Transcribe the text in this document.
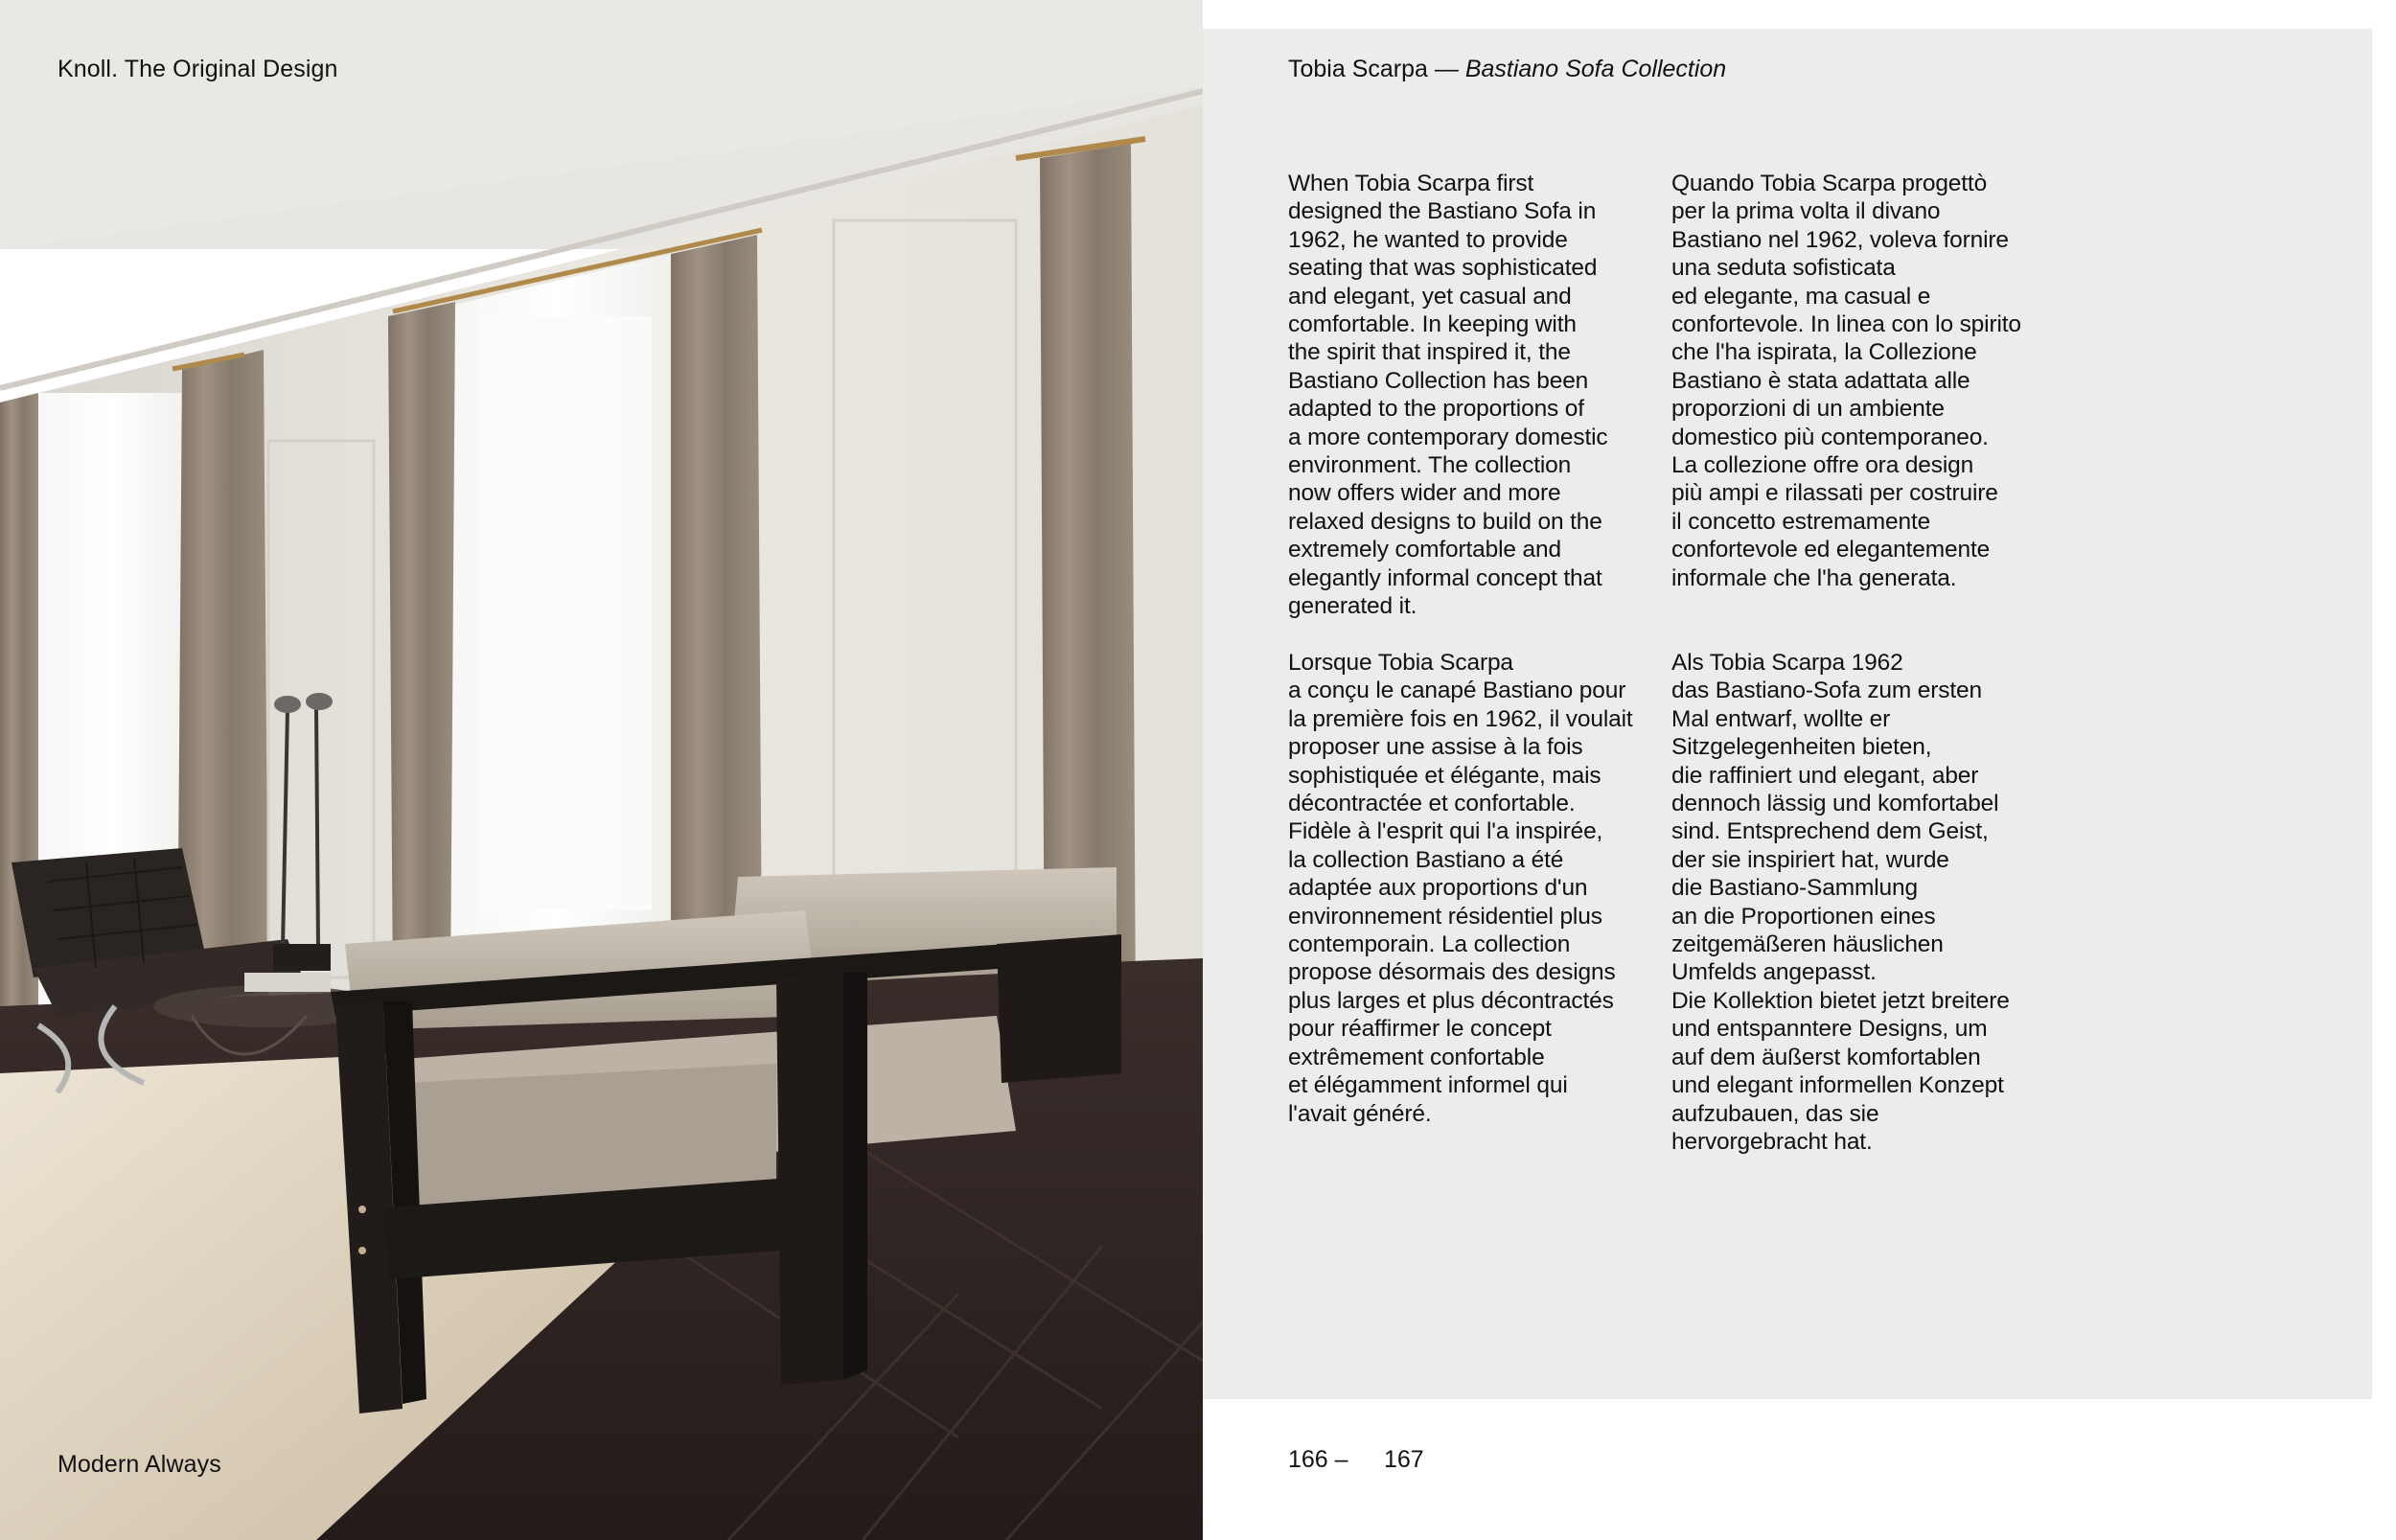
Knoll. The Original Design
Modern Always
Tobia Scarpa — Bastiano Sofa Collection
When Tobia Scarpa first
designed the Bastiano Sofa in
1962, he wanted to provide
seating that was sophisticated
and elegant, yet casual and
comfortable. In keeping with
the spirit that inspired it, the
Bastiano Collection has been
adapted to the proportions of
a more contemporary domestic
environment. The collection
now offers wider and more
relaxed designs to build on the
extremely comfortable and
elegantly informal concept that
generated it.
Quando Tobia Scarpa progettò
per la prima volta il divano
Bastiano nel 1962, voleva fornire
una seduta sofisticata
ed elegante, ma casual e
confortevole. In linea con lo spirito
che l'ha ispirata, la Collezione
Bastiano è stata adattata alle
proporzioni di un ambiente
domestico più contemporaneo.
La collezione offre ora design
più ampi e rilassati per costruire
il concetto estremamente
confortevole ed elegantemente
informale che l'ha generata.
Lorsque Tobia Scarpa
a conçu le canapé Bastiano pour
la première fois en 1962, il voulait
proposer une assise à la fois
sophistiquée et élégante, mais
décontractée et confortable.
Fidèle à l'esprit qui l'a inspirée,
la collection Bastiano a été
adaptée aux proportions d'un
environnement résidentiel plus
contemporain. La collection
propose désormais des designs
plus larges et plus décontractés
pour réaffirmer le concept
extrêmement confortable
et élégamment informel qui
l'avait généré.
Als Tobia Scarpa 1962
das Bastiano-Sofa zum ersten
Mal entwarf, wollte er
Sitzgelegenheiten bieten,
die raffiniert und elegant, aber
dennoch lässig und komfortabel
sind. Entsprechend dem Geist,
der sie inspiriert hat, wurde
die Bastiano-Sammlung
an die Proportionen eines
zeitgemäßeren häuslichen
Umfelds angepasst.
Die Kollektion bietet jetzt breitere
und entspanntere Designs, um
auf dem äußerst komfortablen
und elegant informellen Konzept
aufzubauen, das sie
hervorgebracht hat.
166 – 167
